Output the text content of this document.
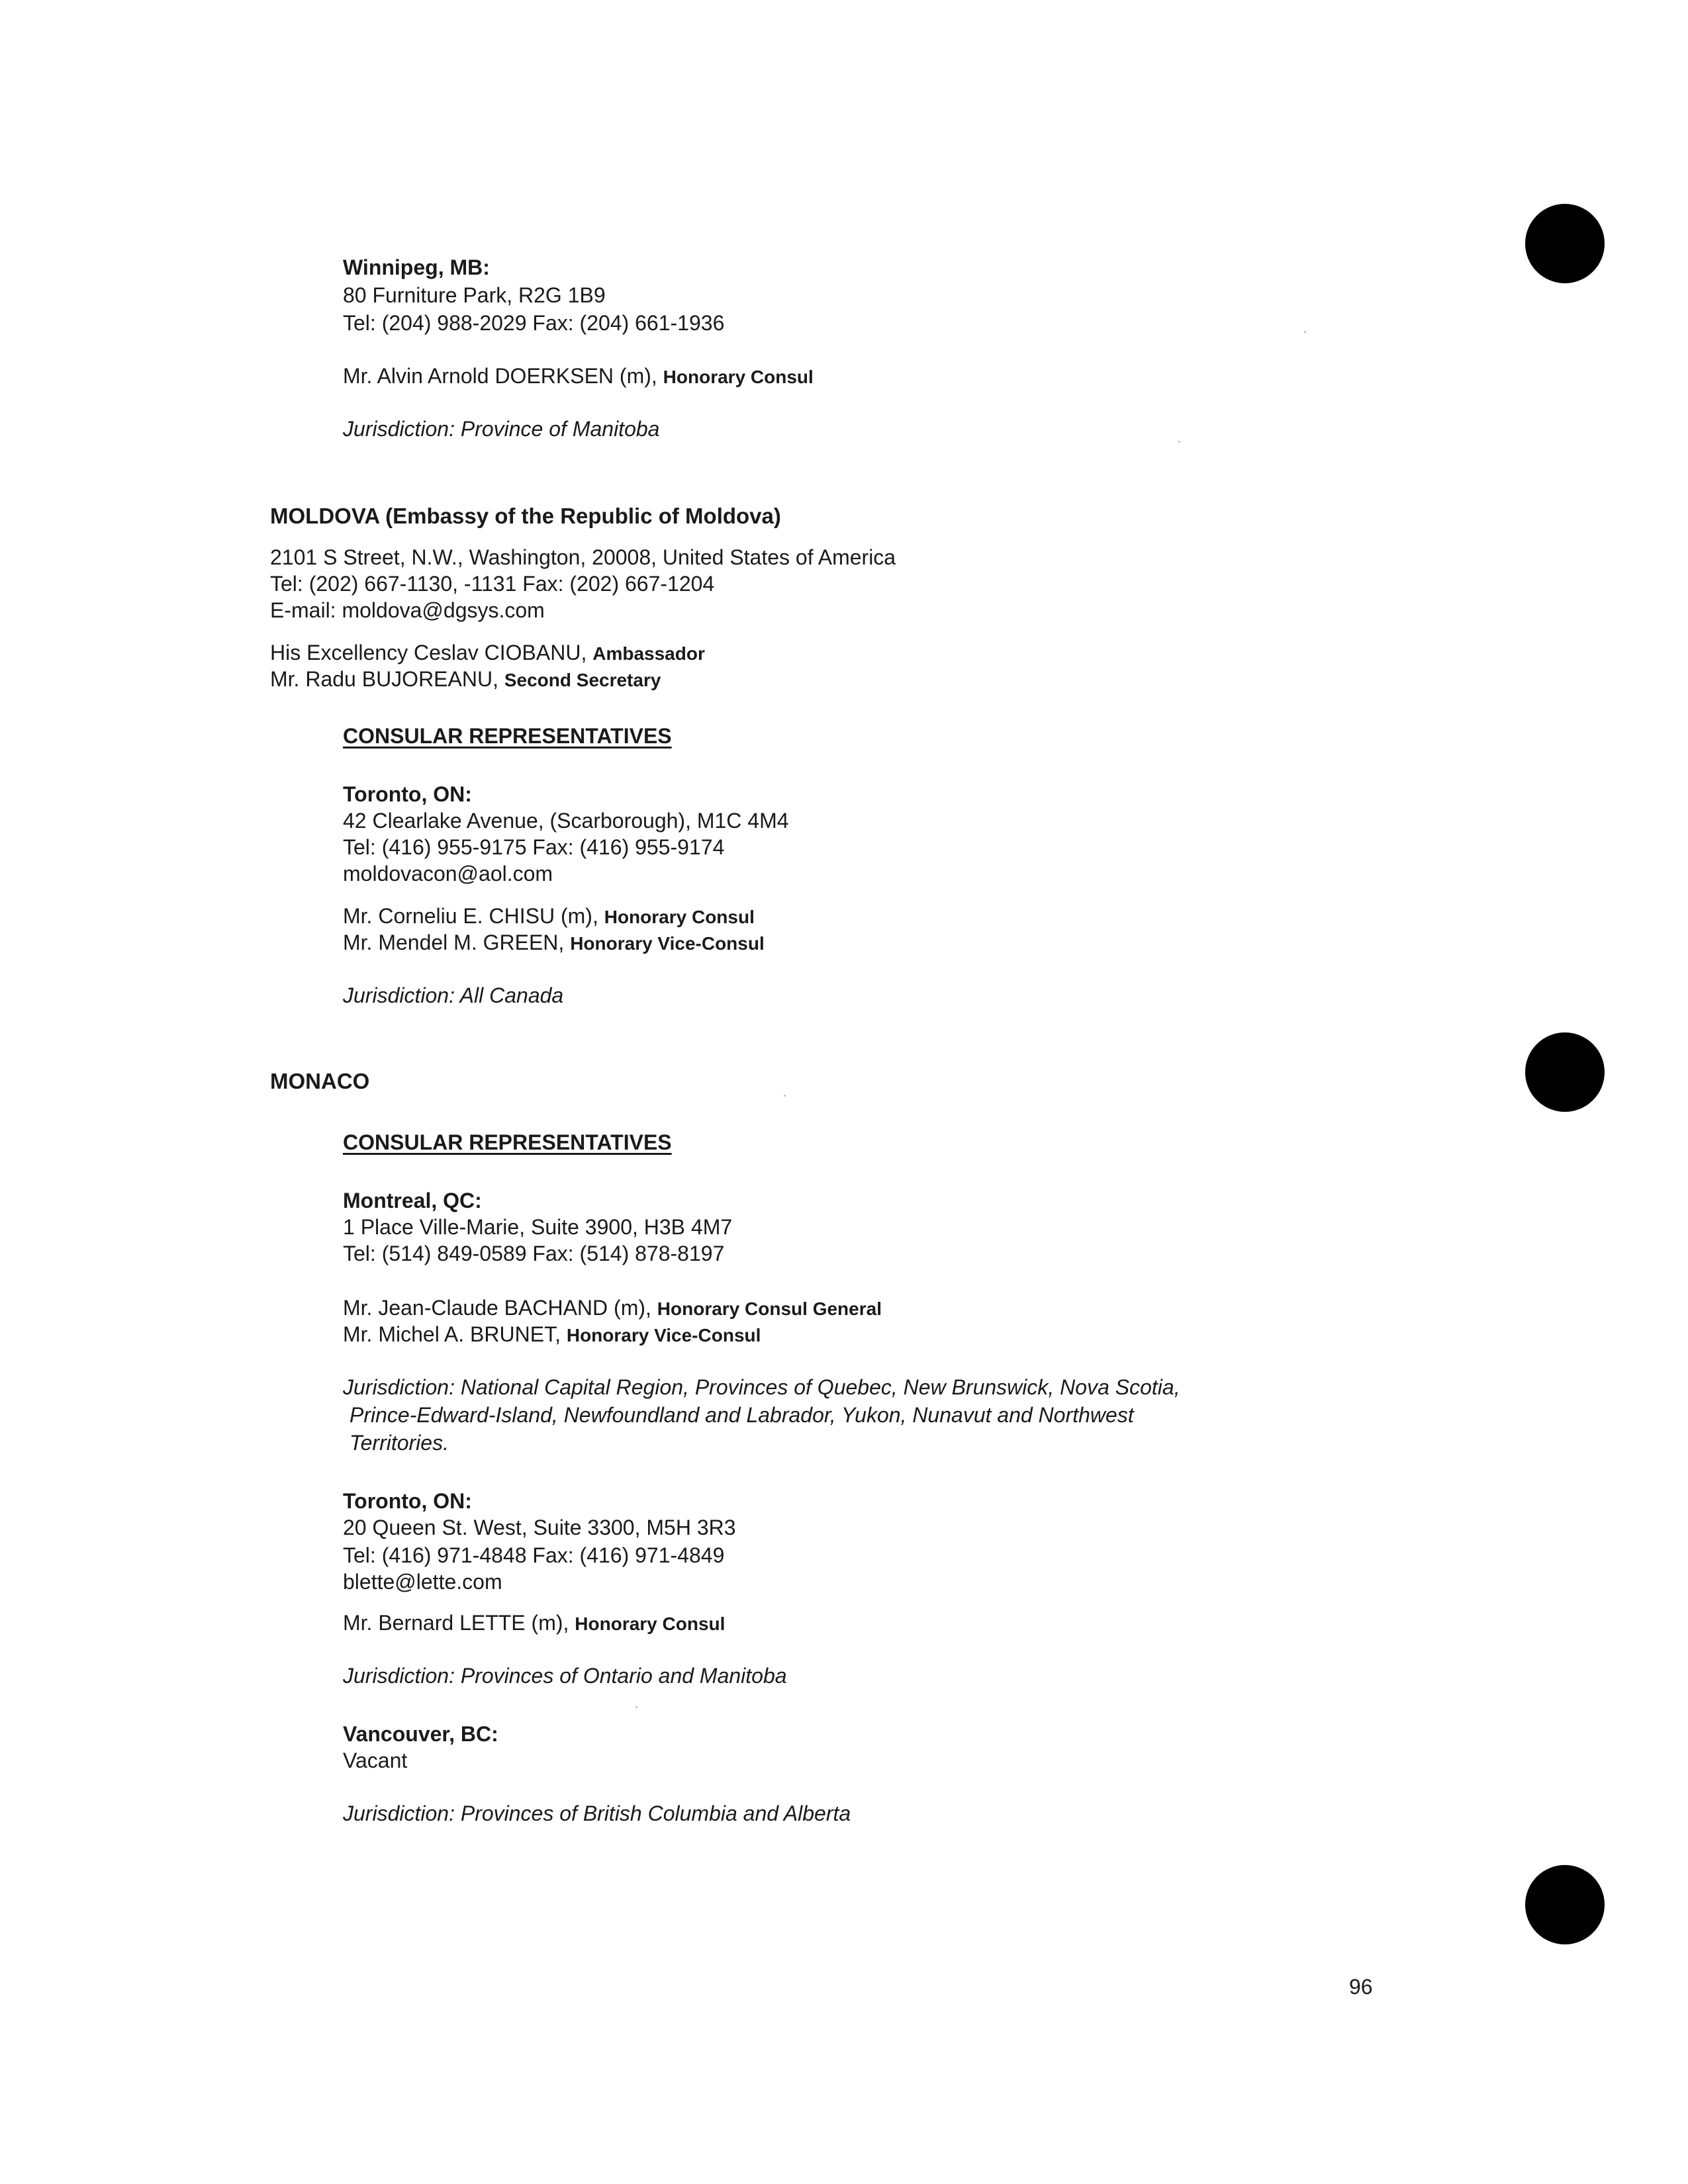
Winnipeg, MB:
80 Furniture Park, R2G 1B9
Tel: (204) 988-2029 Fax: (204) 661-1936
Mr. Alvin Arnold DOERKSEN (m), Honorary Consul
Jurisdiction: Province of Manitoba
MOLDOVA (Embassy of the Republic of Moldova)
2101 S Street, N.W., Washington, 20008, United States of America
Tel: (202) 667-1130, -1131 Fax: (202) 667-1204
E-mail: moldova@dgsys.com
His Excellency Ceslav CIOBANU, Ambassador
Mr. Radu BUJOREANU, Second Secretary
CONSULAR REPRESENTATIVES
Toronto, ON:
42 Clearlake Avenue, (Scarborough), M1C 4M4
Tel: (416) 955-9175 Fax: (416) 955-9174
moldovacon@aol.com
Mr. Corneliu E. CHISU (m), Honorary Consul
Mr. Mendel M. GREEN, Honorary Vice-Consul
Jurisdiction: All Canada
MONACO
CONSULAR REPRESENTATIVES
Montreal, QC:
1 Place Ville-Marie, Suite 3900, H3B 4M7
Tel: (514) 849-0589 Fax: (514) 878-8197
Mr. Jean-Claude BACHAND (m), Honorary Consul General
Mr. Michel A. BRUNET, Honorary Vice-Consul
Jurisdiction: National Capital Region, Provinces of Quebec, New Brunswick, Nova Scotia,
Prince-Edward-Island, Newfoundland and Labrador, Yukon, Nunavut and Northwest
Territories.
Toronto, ON:
20 Queen St. West, Suite 3300, M5H 3R3
Tel: (416) 971-4848 Fax: (416) 971-4849
blette@lette.com
Mr. Bernard LETTE (m), Honorary Consul
Jurisdiction: Provinces of Ontario and Manitoba
Vancouver, BC:
Vacant
Jurisdiction: Provinces of British Columbia and Alberta
96
